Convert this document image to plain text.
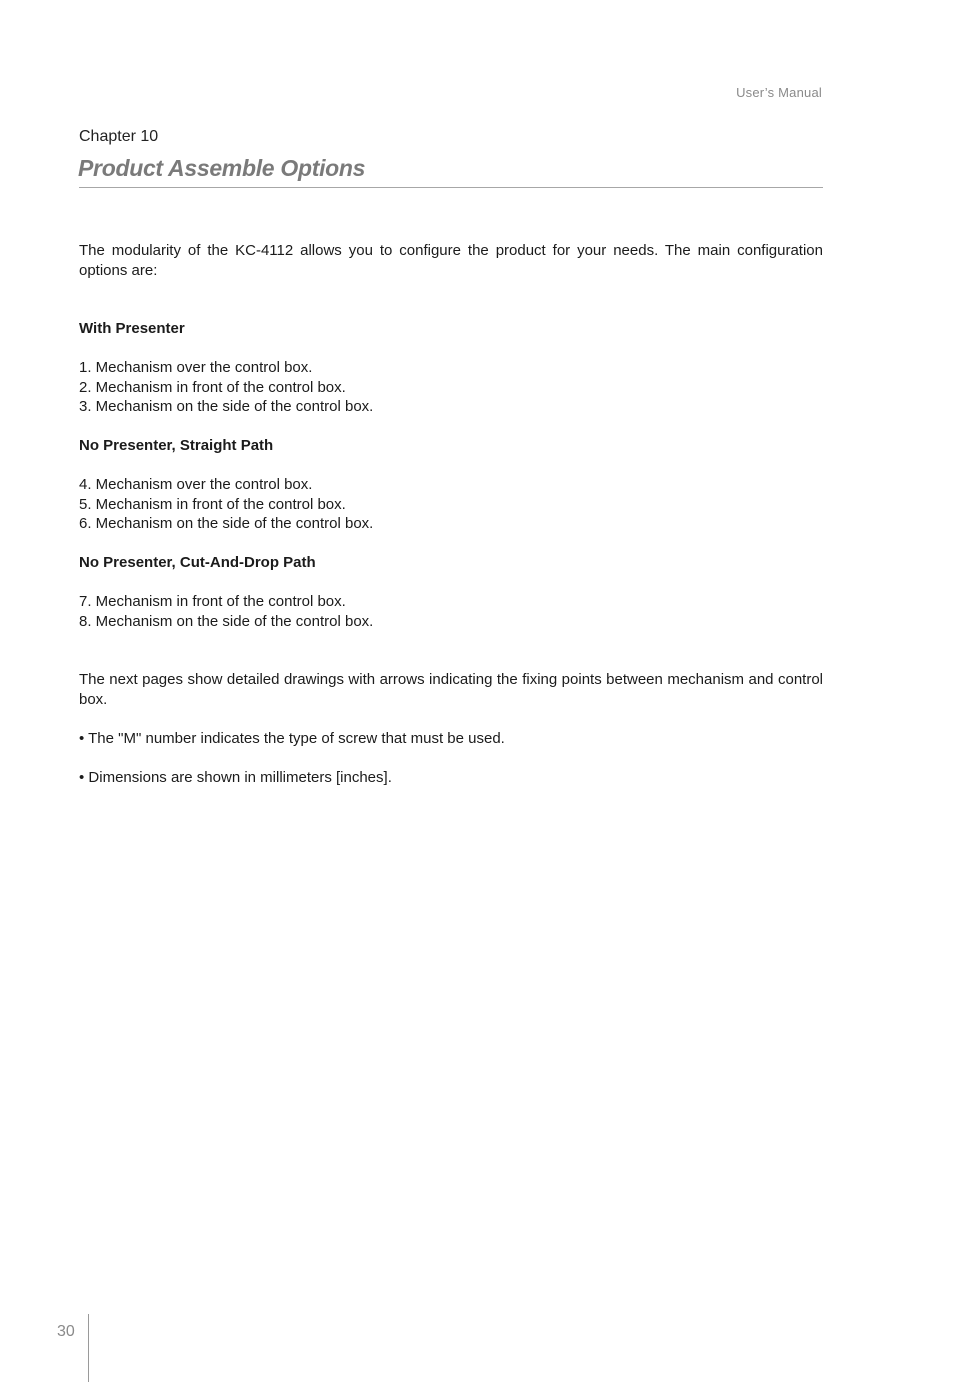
User’s Manual
Chapter 10
Product Assemble Options

The modularity of the KC-4112 allows you to configure the product for your needs. The main configuration options are:

With Presenter

1. Mechanism over the control box.

2. Mechanism in front of the control box.

3. Mechanism on the side of the control box.

No Presenter, Straight Path

4. Mechanism over the control box.

5. Mechanism in front of the control box.

6. Mechanism on the side of the control box.

No Presenter, Cut-And-Drop Path

7. Mechanism in front of the control box.

8. Mechanism on the side of the control box.

The next pages show detailed drawings with arrows indicating the fixing points between mechanism and control box.

• The "M" number indicates the type of screw that must be used.

• Dimensions are shown in millimeters [inches].

30
